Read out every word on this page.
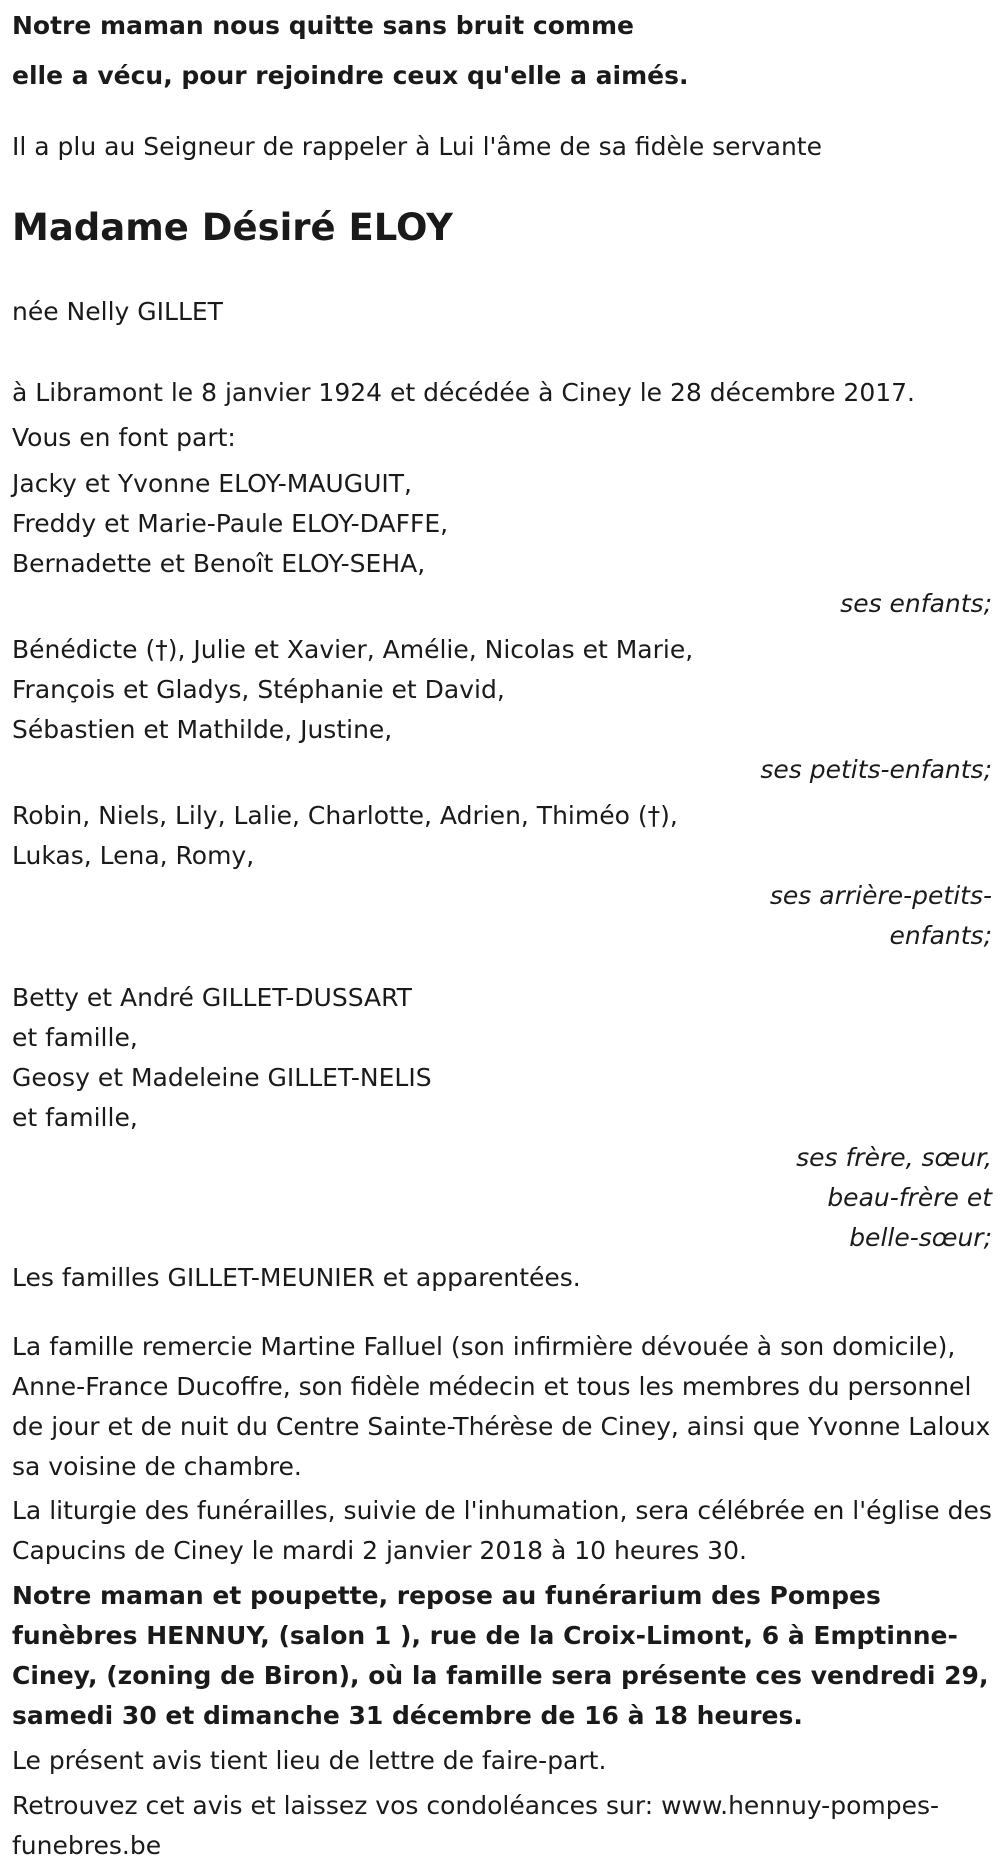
Notre maman nous quitte sans bruit comme
elle a vécu, pour rejoindre ceux qu'elle a aimés.

Il a plu au Seigneur de rappeler à Lui l'âme de sa fidèle servante

Madame Désiré ELOY

née Nelly GILLET

à Libramont le 8 janvier 1924 et décédée à Ciney le 28 décembre 2017.

Vous en font part:

Jacky et Yvonne ELOY-MAUGUIT,
Freddy et Marie-Paule ELOY-DAFFE,
Bernadette et Benoît ELOY-SEHA,
ses enfants;
Bénédicte (†), Julie et Xavier, Amélie, Nicolas et Marie,
François et Gladys, Stéphanie et David,
Sébastien et Mathilde, Justine,
ses petits-enfants;
Robin, Niels, Lily, Lalie, Charlotte, Adrien, Thiméo (†),
Lukas, Lena, Romy,
ses arrière-petits-
enfants;
Betty et André GILLET-DUSSART
et famille,
Geosy et Madeleine GILLET-NELIS
et famille,
ses frère, sœur,
beau-frère et
belle-sœur;

Les familles GILLET-MEUNIER et apparentées.

La famille remercie Martine Falluel (son infirmière dévouée à son domicile), Anne-France Ducoffre, son fidèle médecin et tous les membres du personnel de jour et de nuit du Centre Sainte-Thérèse de Ciney, ainsi que Yvonne Laloux sa voisine de chambre.

La liturgie des funérailles, suivie de l'inhumation, sera célébrée en l'église des Capucins de Ciney le mardi 2 janvier 2018 à 10 heures 30.

Notre maman et poupette, repose au funérarium des Pompes funèbres HENNUY, (salon 1 ), rue de la Croix-Limont, 6 à Emptinne-Ciney, (zoning de Biron), où la famille sera présente ces vendredi 29, samedi 30 et dimanche 31 décembre de 16 à 18 heures.

Le présent avis tient lieu de lettre de faire-part.

Retrouvez cet avis et laissez vos condoléances sur: www.hennuy-pompes-funebres.be
